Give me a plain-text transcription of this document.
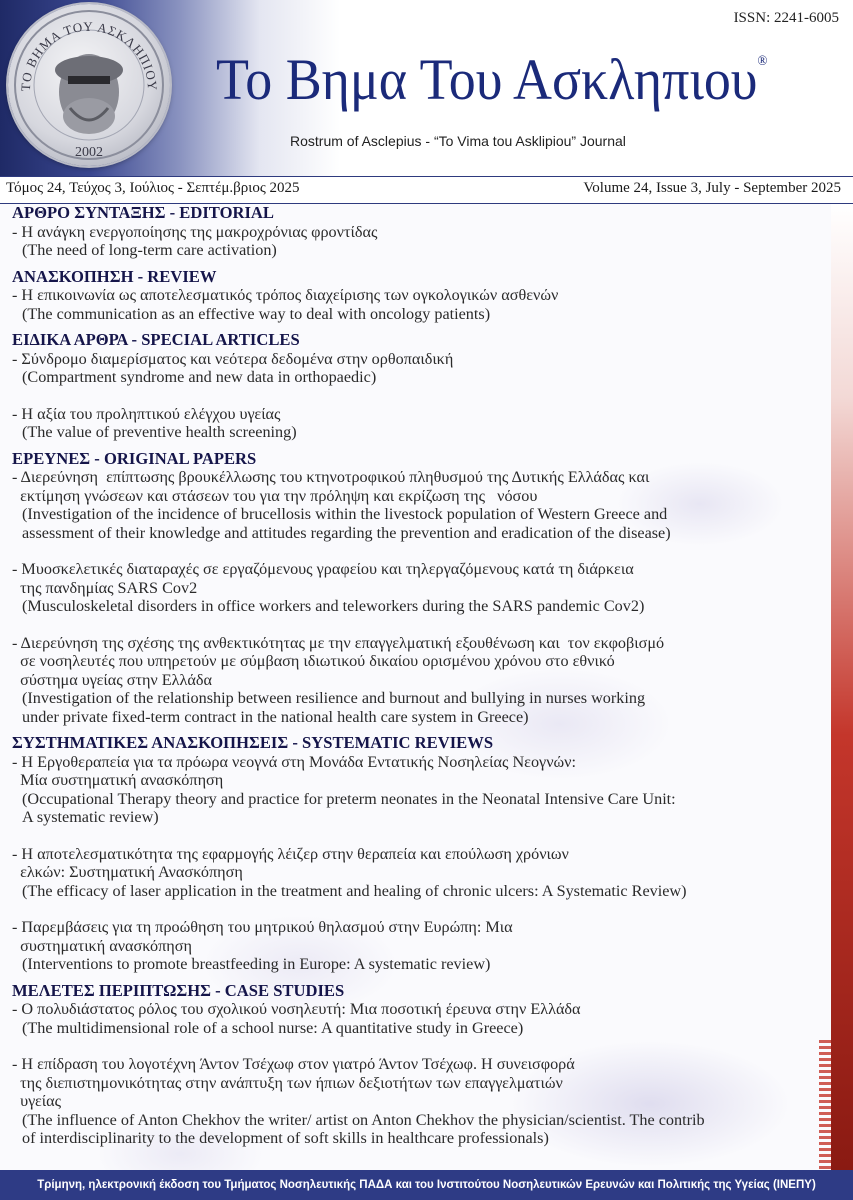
ΤΟ ΒΗΜΑ ΤΟΥ ΑΣΚΛΗΠΙΟΥ
2002
ISSN: 2241-6005
Το Βημα Του Ασκληπιου®
Rostrum of Asclepius - “To Vima tou Asklipiou” Journal
Τόμος 24, Τεύχος 3, Ιούλιος - Σεπτέμ.βριος 2025	Volume 24, Issue 3, July - September 2025
ΑΡΘΡΟ ΣΥΝΤΑΞΗΣ - EDITORIAL
- Η ανάγκη ενεργοποίησης της μακροχρόνιας φροντίδας
(The need of long-term care activation)
ΑΝΑΣΚΟΠΗΣΗ - REVIEW
- Η επικοινωνία ως αποτελεσματικός τρόπος διαχείρισης των ογκολογικών ασθενών
(The communication as an effective way to deal with oncology patients)
ΕΙΔΙΚΑ ΑΡΘΡΑ - SPECIAL ARTICLES
- Σύνδρομο διαμερίσματος και νεότερα δεδομένα στην ορθοπαιδική
(Compartment syndrome and new data in orthopaedic)
- Η αξία του προληπτικού ελέγχου υγείας
(The value of preventive health screening)
ΕΡΕΥΝΕΣ - ORIGINAL PAPERS
- Διερεύνηση  επίπτωσης βρουκέλλωσης του κτηνοτροφικού πληθυσμού της Δυτικής Ελλάδας και
εκτίμηση γνώσεων και στάσεων του για την πρόληψη και εκρίζωση της   νόσου
(Investigation of the incidence of brucellosis within the livestock population of Western Greece and
assessment of their knowledge and attitudes regarding the prevention and eradication of the disease)
- Μυοσκελετικές διαταραχές σε εργαζόμενους γραφείου και τηλεργαζόμενους κατά τη διάρκεια
της πανδημίας SARS Cov2
(Musculoskeletal disorders in office workers and teleworkers during the SARS pandemic Cov2)
- Διερεύνηση της σχέσης της ανθεκτικότητας με την επαγγελματική εξουθένωση και  τον εκφοβισμό
σε νοσηλευτές που υπηρετούν με σύμβαση ιδιωτικού δικαίου ορισμένου χρόνου στο εθνικό
σύστημα υγείας στην Ελλάδα
(Investigation of the relationship between resilience and burnout and bullying in nurses working
under private fixed-term contract in the national health care system in Greece)
ΣΥΣΤΗΜΑΤΙΚΕΣ ΑΝΑΣΚΟΠΗΣΕΙΣ - SYSTEMATIC REVIEWS
- Η Εργοθεραπεία για τα πρόωρα νεογνά στη Μονάδα Εντατικής Νοσηλείας Νεογνών:
Μία συστηματική ανασκόπηση
(Occupational Therapy theory and practice for preterm neonates in the Neonatal Intensive Care Unit:
A systematic review)
- Η αποτελεσματικότητα της εφαρμογής λέιζερ στην θεραπεία και επούλωση χρόνιων
ελκών: Συστηματική Ανασκόπηση
(The efficacy of laser application in the treatment and healing of chronic ulcers: A Systematic Review)
- Παρεμβάσεις για τη προώθηση του μητρικού θηλασμού στην Ευρώπη: Μια
συστηματική ανασκόπηση
(Interventions to promote breastfeeding in Europe: A systematic review)
ΜΕΛΕΤΕΣ ΠΕΡΙΠΤΩΣΗΣ - CASE STUDIES
- Ο πολυδιάστατος ρόλος του σχολικού νοσηλευτή: Μια ποσοτική έρευνα στην Ελλάδα
(The multidimensional role of a school nurse: A quantitative study in Greece)
- Η επίδραση του λογοτέχνη Άντον Τσέχωφ στον γιατρό Άντον Τσέχωφ. Η συνεισφορά
της διεπιστημονικότητας στην ανάπτυξη των ήπιων δεξιοτήτων των επαγγελματιών
υγείας
(The influence of Anton Chekhov the writer/ artist on Anton Chekhov the physician/scientist. The contrib
of interdisciplinarity to the development of soft skills in healthcare professionals)
Τρίμηνη, ηλεκτρονική έκδοση του Τμήματος Νοσηλευτικής ΠΑΔΑ και του Ινστιτούτου Νοσηλευτικών Ερευνών και Πολιτικής της Υγείας (ΙΝΕΠΥ)
